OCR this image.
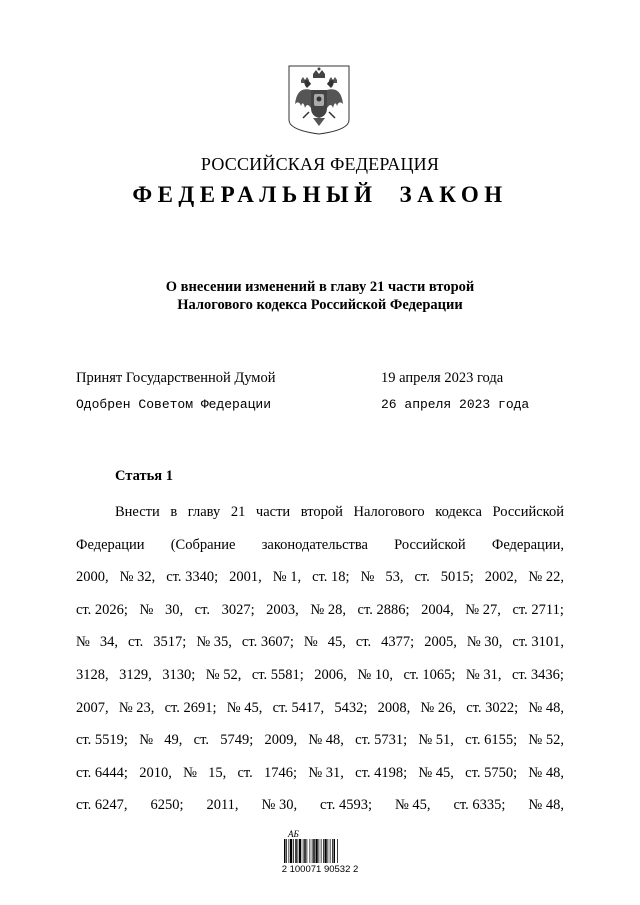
РОССИЙСКАЯ ФЕДЕРАЦИЯ
ФЕДЕРАЛЬНЫЙ ЗАКОН
О внесении изменений в главу 21 части второй
Налогового кодекса Российской Федерации
Принят Государственной Думой	19 апреля 2023 года
Одобрен Советом Федерации	26 апреля 2023 года
Статья 1
Внести в главу 21 части второй Налогового кодекса Российской
Федерации (Собрание законодательства Российской Федерации,
2000, № 32, ст. 3340; 2001, № 1, ст. 18; № 53, ст. 5015; 2002, № 22,
ст. 2026; № 30, ст. 3027; 2003, № 28, ст. 2886; 2004, № 27, ст. 2711;
№ 34, ст. 3517; № 35, ст. 3607; № 45, ст. 4377; 2005, № 30, ст. 3101,
3128, 3129, 3130; № 52, ст. 5581; 2006, № 10, ст. 1065; № 31, ст. 3436;
2007, № 23, ст. 2691; № 45, ст. 5417, 5432; 2008, № 26, ст. 3022; № 48,
ст. 5519; № 49, ст. 5749; 2009, № 48, ст. 5731; № 51, ст. 6155; № 52,
ст. 6444; 2010, № 15, ст. 1746; № 31, ст. 4198; № 45, ст. 5750; № 48,
ст. 6247, 6250; 2011, № 30, ст. 4593; № 45, ст. 6335; № 48,
АБ
2 100071 90532 2
